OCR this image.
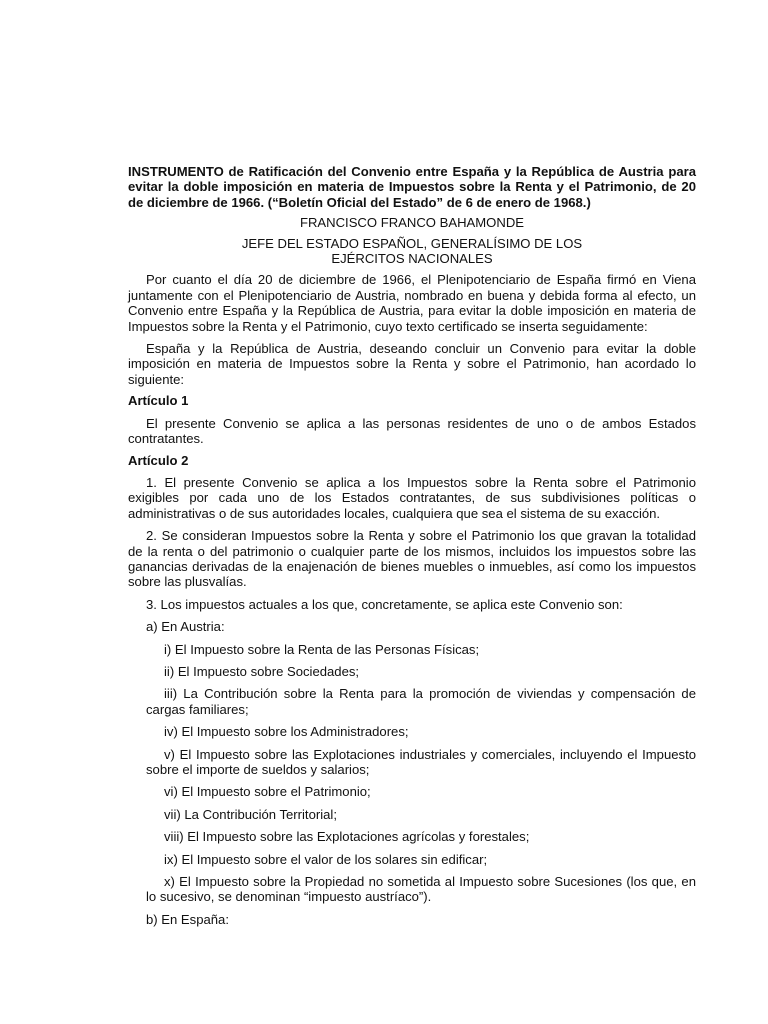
INSTRUMENTO de Ratificación del Convenio entre España y la República de Austria para evitar la doble imposición en materia de Impuestos sobre la Renta y el Patrimonio, de 20 de diciembre de 1966. (“Boletín Oficial del Estado” de 6 de enero de 1968.)

FRANCISCO FRANCO BAHAMONDE

JEFE DEL ESTADO ESPAÑOL, GENERALÍSIMO DE LOS EJÉRCITOS NACIONALES

Por cuanto el día 20 de diciembre de 1966, el Plenipotenciario de España firmó en Viena juntamente con el Plenipotenciario de Austria, nombrado en buena y debida forma al efecto, un Convenio entre España y la República de Austria, para evitar la doble imposición en materia de Impuestos sobre la Renta y el Patrimonio, cuyo texto certificado se inserta seguidamente:

España y la República de Austria, deseando concluir un Convenio para evitar la doble imposición en materia de Impuestos sobre la Renta y sobre el Patrimonio, han acordado lo siguiente:

Artículo 1

El presente Convenio se aplica a las personas residentes de uno o de ambos Estados contratantes.

Artículo 2

1. El presente Convenio se aplica a los Impuestos sobre la Renta sobre el Patrimonio exigibles por cada uno de los Estados contratantes, de sus subdivisiones políticas o administrativas o de sus autoridades locales, cualquiera que sea el sistema de su exacción.

2. Se consideran Impuestos sobre la Renta y sobre el Patrimonio los que gravan la totalidad de la renta o del patrimonio o cualquier parte de los mismos, incluidos los impuestos sobre las ganancias derivadas de la enajenación de bienes muebles o inmuebles, así como los impuestos sobre las plusvalías.

3. Los impuestos actuales a los que, concretamente, se aplica este Convenio son:

a) En Austria:

i) El Impuesto sobre la Renta de las Personas Físicas;

ii) El Impuesto sobre Sociedades;

iii) La Contribución sobre la Renta para la promoción de viviendas y compensación de cargas familiares;

iv) El Impuesto sobre los Administradores;

v) El Impuesto sobre las Explotaciones industriales y comerciales, incluyendo el Impuesto sobre el importe de sueldos y salarios;

vi) El Impuesto sobre el Patrimonio;

vii) La Contribución Territorial;

viii) El Impuesto sobre las Explotaciones agrícolas y forestales;

ix) El Impuesto sobre el valor de los solares sin edificar;

x) El Impuesto sobre la Propiedad no sometida al Impuesto sobre Sucesiones (los que, en lo sucesivo, se denominan “impuesto austríaco”).

b) En España:
